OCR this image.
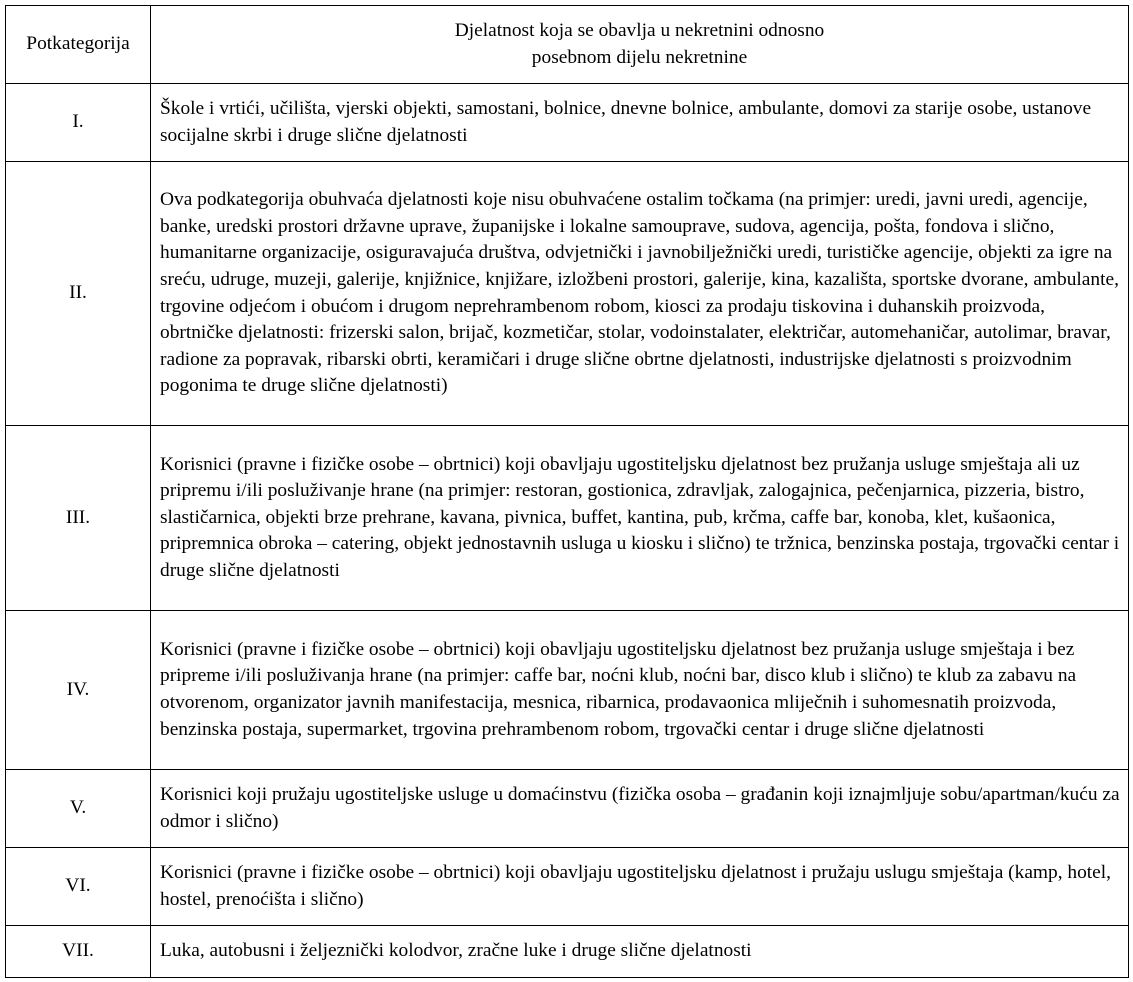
Potkategorija	Djelatnost koja se obavlja u nekretnini odnosno
posebnom dijelu nekretnine

I.	Škole i vrtići, učilišta, vjerski objekti, samostani, bolnice, dnevne bolnice, ambulante, domovi za starije osobe, ustanove socijalne skrbi i druge slične djelatnosti
II.	Ova podkategorija obuhvaća djelatnosti koje nisu obuhvaćene ostalim točkama (na primjer: uredi, javni uredi, agencije, banke, uredski prostori državne uprave, županijske i lokalne samouprave, sudova, agencija, pošta, fondova i slično, humanitarne organizacije, osiguravajuća društva, odvjetnički i javnobilježnički uredi, turističke agencije, objekti za igre na sreću, udruge, muzeji, galerije, knjižnice, knjižare, izložbeni prostori, galerije, kina, kazališta, sportske dvorane, ambulante, trgovine odjećom i obućom i drugom neprehrambenom robom, kiosci za prodaju tiskovina i duhanskih proizvoda, obrtničke djelatnosti: frizerski salon, brijač, kozmetičar, stolar, vodoinstalater, električar, automehaničar, autolimar, bravar, radione za popravak, ribarski obrti, keramičari i druge slične obrtne djelatnosti, industrijske djelatnosti s proizvodnim pogonima te druge slične djelatnosti)
III.	Korisnici (pravne i fizičke osobe – obrtnici) koji obavljaju ugostiteljsku djelatnost bez pružanja usluge smještaja ali uz pripremu i/ili posluživanje hrane (na primjer: restoran, gostionica, zdravljak, zalogajnica, pečenjarnica, pizzeria, bistro, slastičarnica, objekti brze prehrane, kavana, pivnica, buffet, kantina, pub, krčma, caffe bar, konoba, klet, kušaonica, pripremnica obroka – catering, objekt jednostavnih usluga u kiosku i slično) te tržnica, benzinska postaja, trgovački centar i druge slične djelatnosti
IV.	Korisnici (pravne i fizičke osobe – obrtnici) koji obavljaju ugostiteljsku djelatnost bez pružanja usluge smještaja i bez pripreme i/ili posluživanja hrane (na primjer: caffe bar, noćni klub, noćni bar, disco klub i slično) te klub za zabavu na otvorenom, organizator javnih manifestacija, mesnica, ribarnica, prodavaonica mliječnih i suhomesnatih proizvoda, benzinska postaja, supermarket, trgovina prehrambenom robom, trgovački centar i druge slične djelatnosti
V.	Korisnici koji pružaju ugostiteljske usluge u domaćinstvu (fizička osoba – građanin koji iznajmljuje sobu/apartman/kuću za odmor i slično)
VI.	Korisnici (pravne i fizičke osobe – obrtnici) koji obavljaju ugostiteljsku djelatnost i pružaju uslugu smještaja (kamp, hotel, hostel, prenoćišta i slično)
VII.	Luka, autobusni i željeznički kolodvor, zračne luke i druge slične djelatnosti
